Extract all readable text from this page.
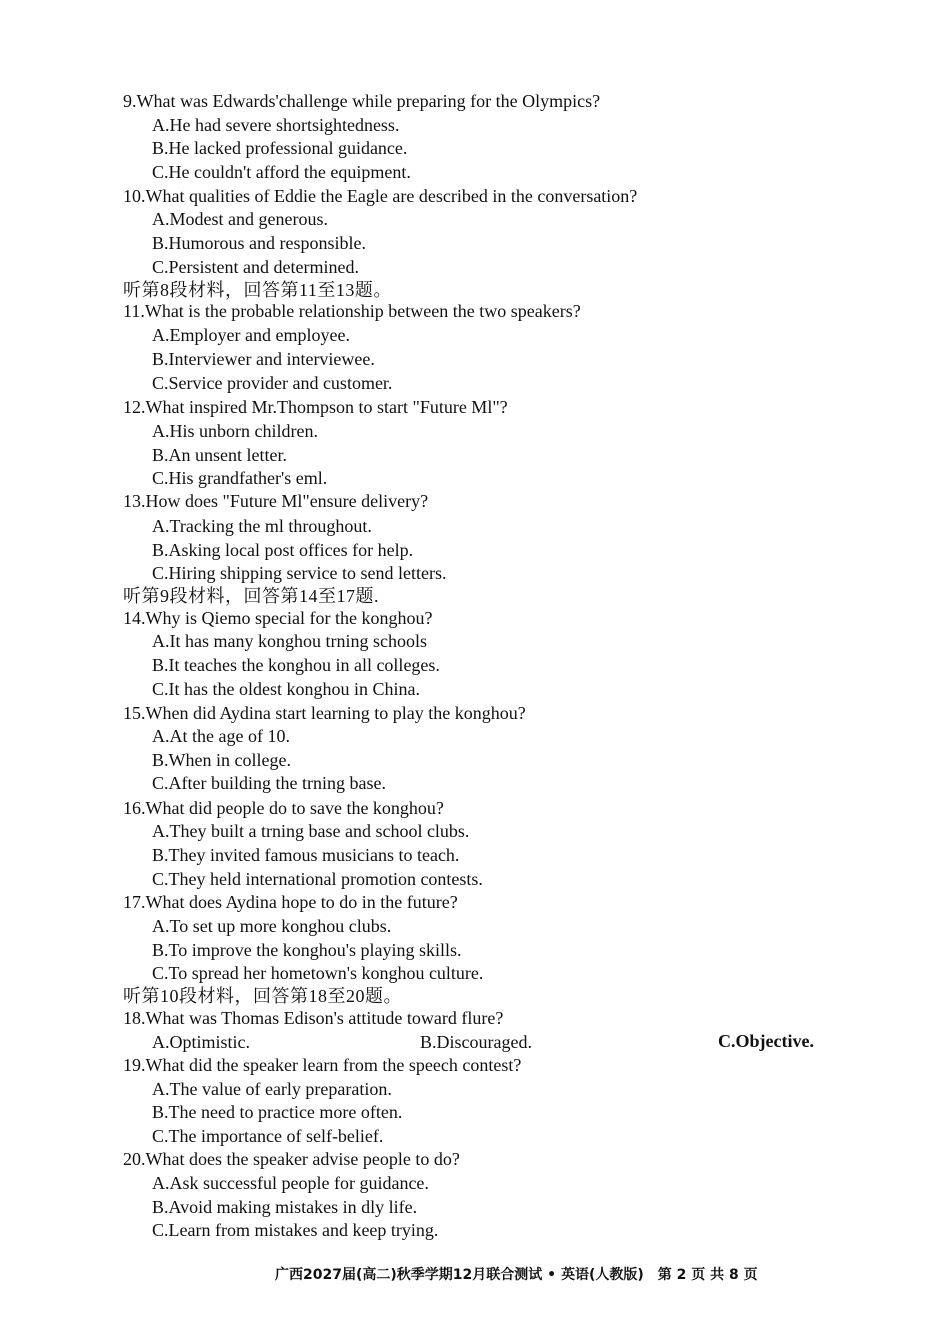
9.What was Edwards'challenge while preparing for the Olympics?
A.He had severe shortsightedness.
B.He lacked professional guidance.
C.He couldn't afford the equipment.
10.What qualities of Eddie the Eagle are described in the conversation?
A.Modest and generous.
B.Humorous and responsible.
C.Persistent and determined.
听第8段材料，回答第11至13题。
11.What is the probable relationship between the two speakers?
A.Employer and employee.
B.Interviewer and interviewee.
C.Service provider and customer.
12.What inspired Mr.Thompson to start "Future Ml"?
A.His unborn children.
B.An unsent letter.
C.His grandfather's eml.
13.How does "Future Ml"ensure delivery?
A.Tracking the ml throughout.
B.Asking local post offices for help.
C.Hiring shipping service to send letters.
听第9段材料，回答第14至17题.
14.Why is Qiemo special for the konghou?
A.It has many konghou trning schools
B.It teaches the konghou in all colleges.
C.It has the oldest konghou in China.
15.When did Aydina start learning to play the konghou?
A.At the age of 10.
B.When in college.
C.After building the trning base.
16.What did people do to save the konghou?
A.They built a trning base and school clubs.
B.They invited famous musicians to teach.
C.They held international promotion contests.
17.What does Aydina hope to do in the future?
A.To set up more konghou clubs.
B.To improve the konghou's playing skills.
C.To spread her hometown's konghou culture.
听第10段材料，回答第18至20题。
18.What was Thomas Edison's attitude toward flure?
A.Optimistic.	B.Discouraged.	C.Objective.
19.What did the speaker learn from the speech contest?
A.The value of early preparation.
B.The need to practice more often.
C.The importance of self-belief.
20.What does the speaker advise people to do?
A.Ask successful people for guidance.
B.Avoid making mistakes in dly life.
C.Learn from mistakes and keep trying.
广西2027届(高二)秋季学期12月联合测试 • 英语(人教版)　第 2 页 共 8 页
